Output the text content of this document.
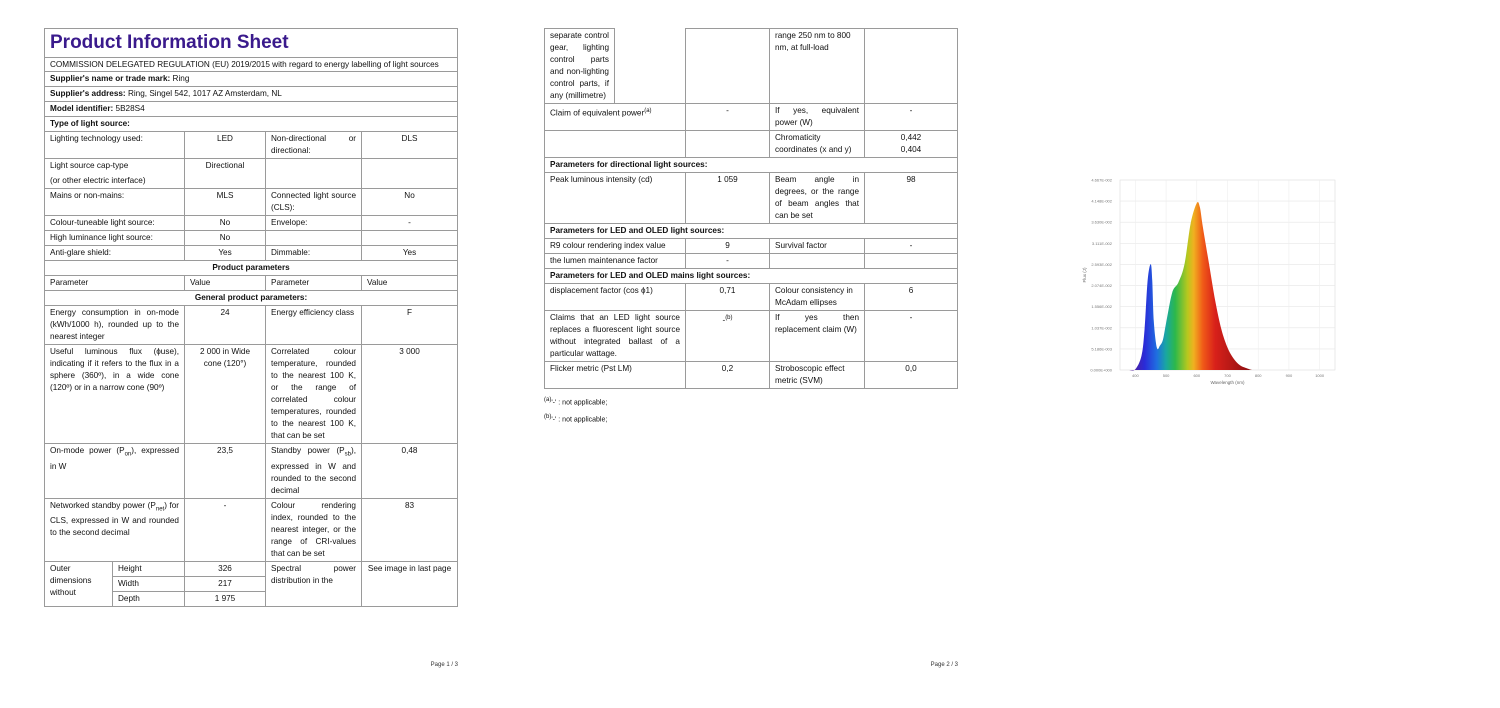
Product Information Sheet				
COMMISSION DELEGATED REGULATION (EU) 2019/2015 with regard to energy labelling of light sources				
Supplier's name or trade mark: Ring				
Supplier's address: Ring, Singel 542, 1017 AZ Amsterdam, NL				
Model identifier: 5B28S4				
Type of light source:				
Lighting technology used:		LED	Non-directional or directional:	DLS

Light source cap-type
(or other electric interface)		Directional		
Mains or non-mains:		MLS	Connected light source (CLS):	No
Colour-tuneable light source:		No	Envelope:	-
High luminance light source:		No		
Anti-glare shield:		Yes	Dimmable:	Yes
Product parameters				
Parameter		Value	Parameter	Value
General product parameters:				
Energy consumption in on-mode (kWh/1000 h), rounded up to the nearest integer		24	Energy efficiency class	F
Useful luminous flux (ɸuse), indicating if it refers to the flux in a sphere (360º), in a wide cone (120º) or in a narrow cone (90º)		2 000 in Wide cone (120°)	Correlated colour temperature, rounded to the nearest 100 K, or the range of correlated colour temperatures, rounded to the nearest 100 K, that can be set	3 000
On-mode power $(P_{on})$, expressed in W		23,5	Standby power $(P_{sb})$, expressed in W and rounded to the second decimal	0,48
Networked standby power $(P_{net})$ for CLS, expressed in W and rounded to the second decimal		-	Colour rendering index, rounded to the nearest integer, or the range of CRI-values that can be set	83
Outer dimensions without	Height	326	Spectral power distribution in the	See image in last page
	Width	217		
	Depth	1 975		
Page 1 / 3
separate control gear, lighting control parts and non-lighting control parts, if any (millimetre)			range 250 nm to 800 nm, at full-load	
Claim of equivalent power$^{(a)}$		-	If yes, equivalent power (W)	-
			Chromaticity coordinates (x and y)	0,442
0,404

Parameters for directional light sources:				
Peak luminous intensity (cd)		1 059	Beam angle in degrees, or the range of beam angles that can be set	98
Parameters for LED and OLED light sources:				
R9 colour rendering index value		9	Survival factor	-
the lumen maintenance factor		-		
Parameters for LED and OLED mains light sources:				
displacement factor (cos ɸ1)		0,71	Colour consistency in McAdam ellipses	6
Claims that an LED light source replaces a fluorescent light source without integrated ballast of a particular wattage.		-$^{(b)}$	If yes then replacement claim (W)	-
Flicker metric (Pst LM)		0,2	Stroboscopic effect metric (SVM)	0,0
$^{(a)}$'-' : not applicable;
$^{(b)}$'-' : not applicable;
Page 2 / 3
0.000E+000
5.186E-003
1.037E-002
1.556E-002
2.074E-002
2.593E-002
3.111E-002
3.630E-002
4.148E-002
4.667E-002
400	500	600	700	800	900	1000
Wavelength (nm)
Flux (J)
